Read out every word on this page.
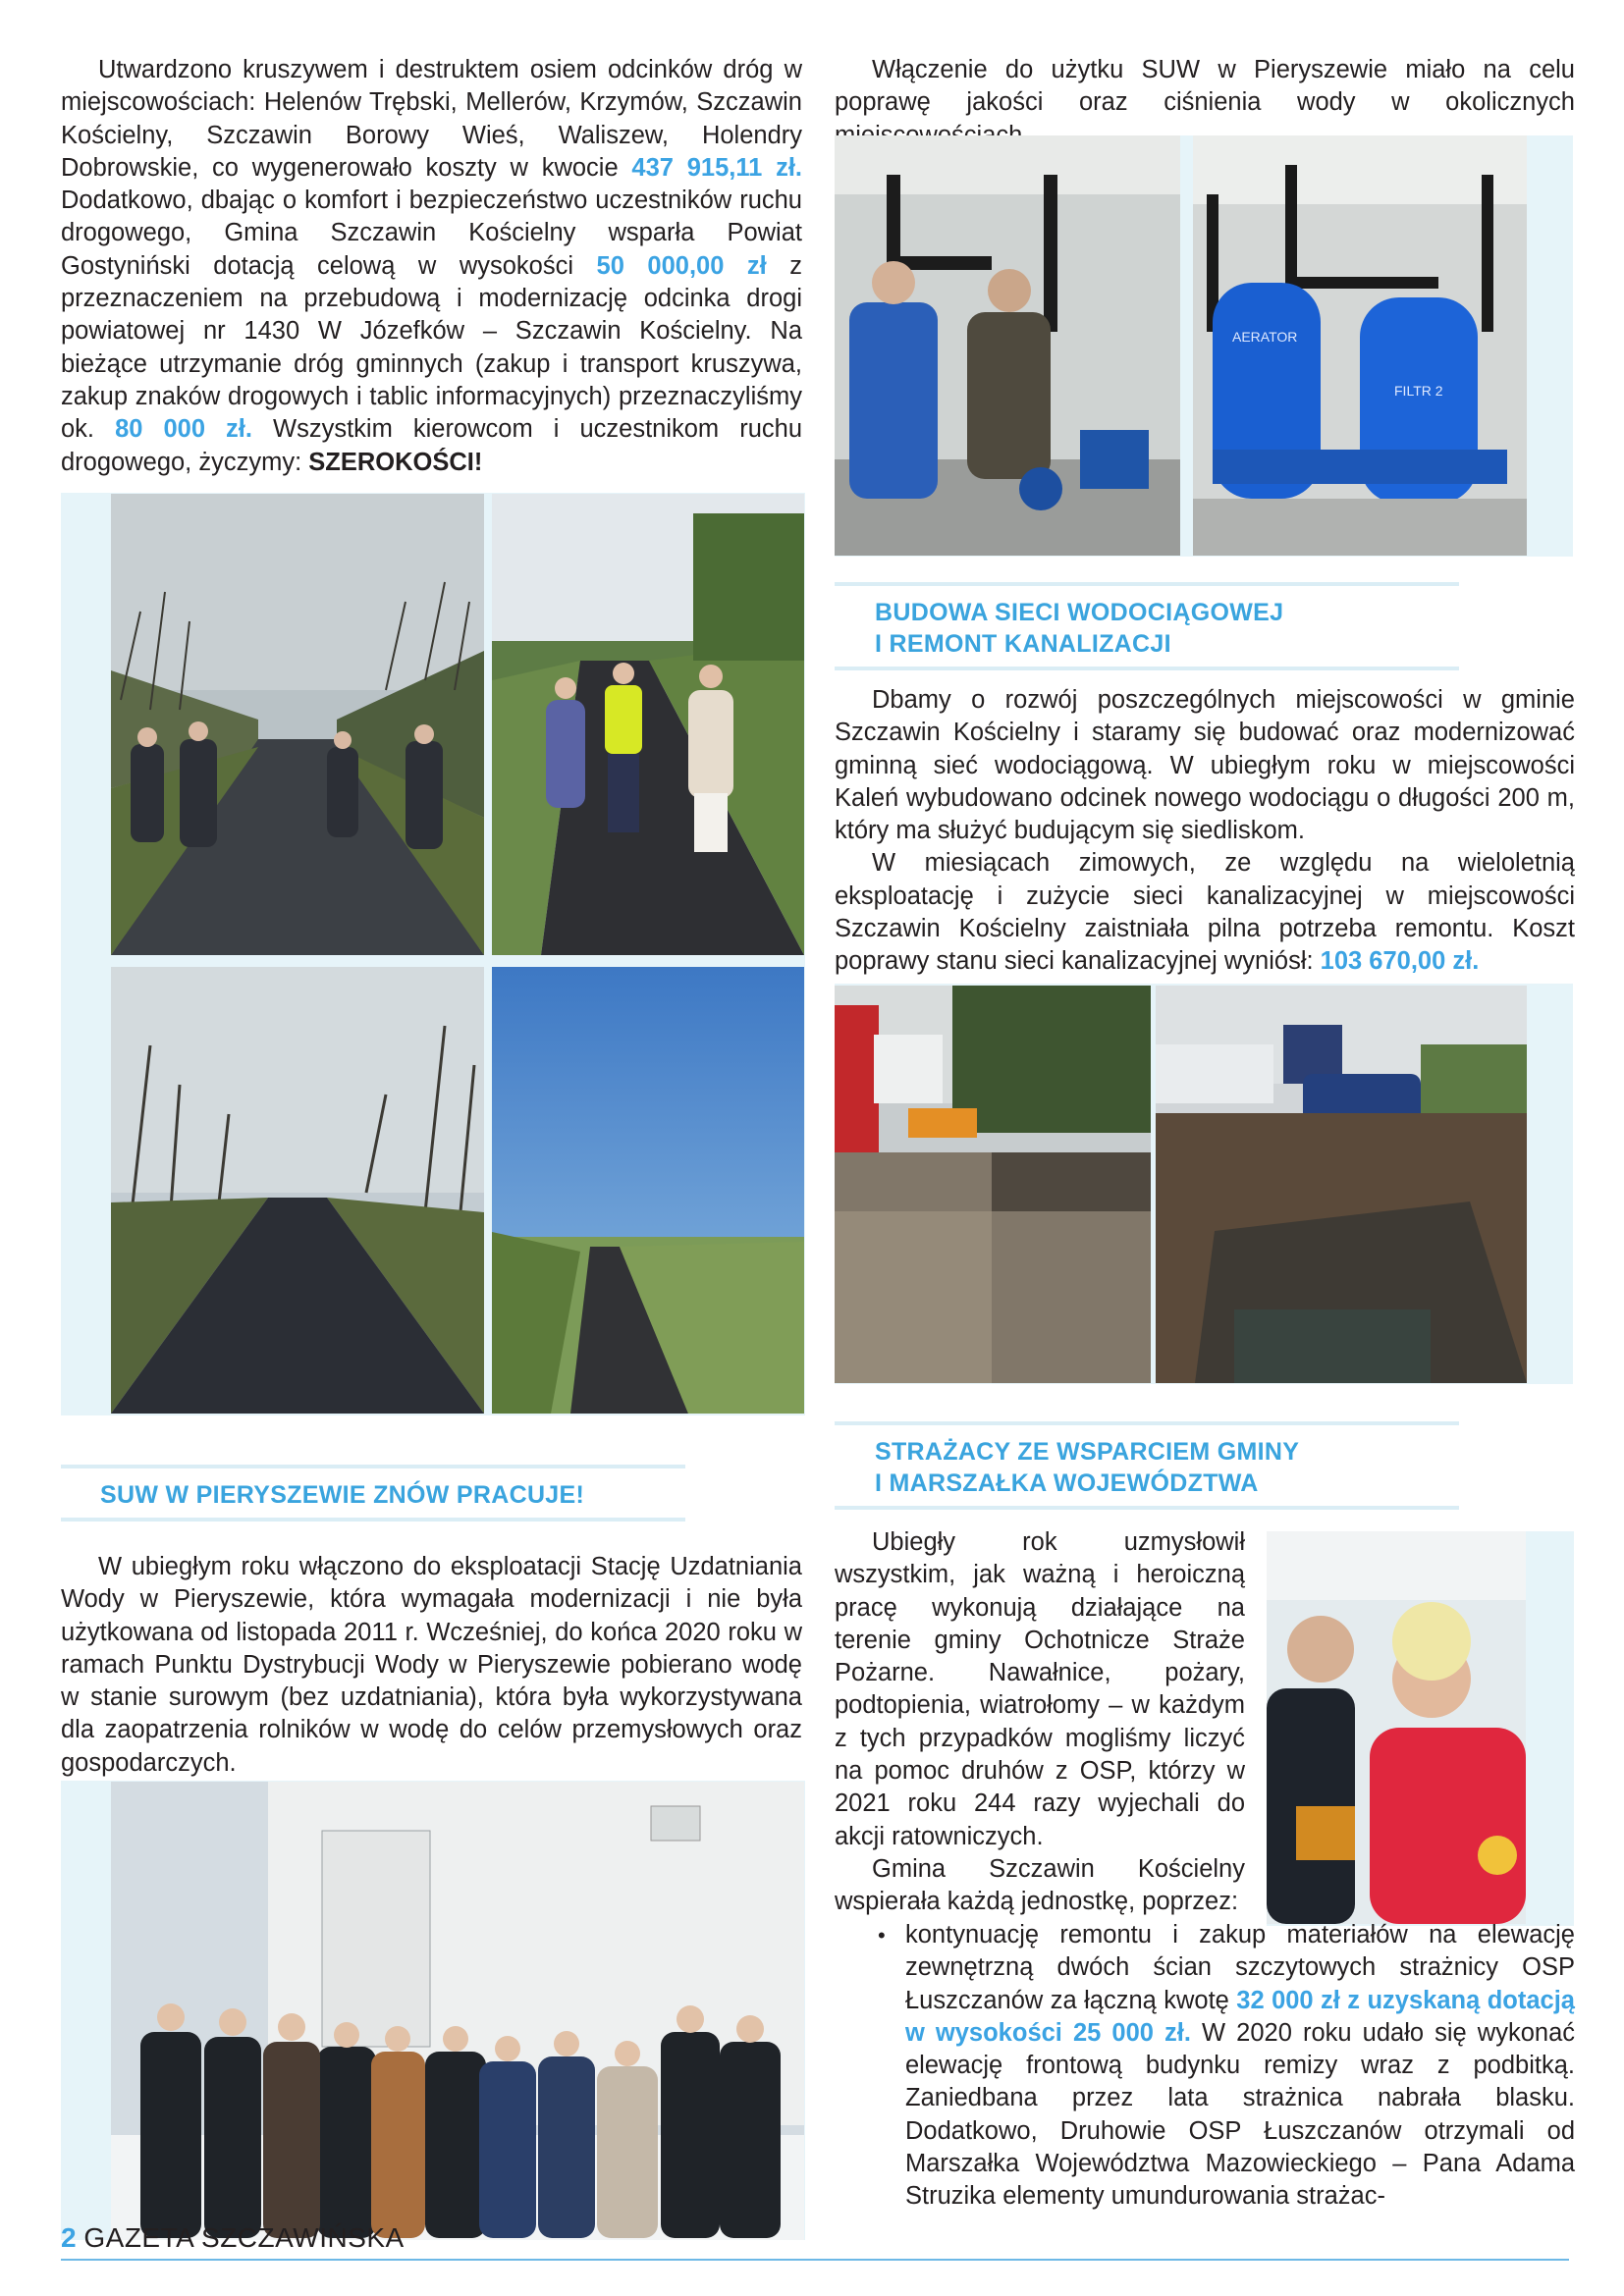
Utwardzono kruszywem i destruktem osiem odcinków dróg w miejscowościach: Helenów Trębski, Mellerów, Krzymów, Szczawin Kościelny, Szczawin Borowy Wieś, Waliszew, Holendry Dobrowskie, co wygenerowało koszty w kwocie 437 915,11 zł. Dodatkowo, dbając o komfort i bezpieczeństwo uczestników ruchu drogowego, Gmina Szczawin Kościelny wsparła Powiat Gostyniński dotacją celową w wysokości 50 000,00 zł z przeznaczeniem na przebudową i modernizację odcinka drogi powiatowej nr 1430 W Józefków – Szczawin Kościelny. Na bieżące utrzymanie dróg gminnych (zakup i transport kruszywa, zakup znaków drogowych i tablic informacyjnych) przeznaczyliśmy ok. 80 000 zł. Wszystkim kierowcom i uczestnikom ruchu drogowego, życzymy: SZEROKOŚCI!

SUW W PIERYSZEWIE ZNÓW PRACUJE!

W ubiegłym roku włączono do eksploatacji Stację Uzdatniania Wody w Pieryszewie, która wymagała modernizacji i nie była użytkowana od listopada 2011 r. Wcześniej, do końca 2020 roku w ramach Punktu Dystrybucji Wody w Pieryszewie pobierano wodę w stanie surowym (bez uzdatniania), która była wykorzystywana dla zaopatrzenia rolników w wodę do celów przemysłowych oraz gospodarczych.

Włączenie do użytku SUW w Pieryszewie miało na celu poprawę jakości oraz ciśnienia wody w okolicznych

AERATOR
FILTR 2
BUDOWA SIECI WODOCIĄGOWEJ
I REMONT KANALIZACJI

Dbamy o rozwój poszczególnych miejscowości w gminie Szczawin Kościelny i staramy się budować oraz modernizować gminną sieć wodociągową. W ubiegłym roku w miejscowości Kaleń wybudowano odcinek nowego wodociągu o długości 200 m, który ma służyć budującym się siedliskom.

W miesiącach zimowych, ze względu na wieloletnią eksploatację i zużycie sieci kanalizacyjnej w miejscowości Szczawin Kościelny zaistniała pilna potrzeba remontu. Koszt poprawy stanu sieci kanalizacyjnej wyniósł: 103 670,00 zł.

STRAŻACY ZE WSPARCIEM GMINY
I MARSZAŁKA WOJEWÓDZTWA

Ubiegły rok uzmysłowił wszystkim, jak ważną i heroiczną pracę wykonują działające na terenie gminy Ochotnicze Straże Pożarne. Nawałnice, pożary, podtopienia, wiatrołomy – w każdym z tych przypadków mogliśmy liczyć na pomoc druhów z OSP, którzy w 2021 roku 244 razy wyjechali do akcji ratowniczych.

Gmina Szczawin Kościelny wspierała każdą jednostkę, poprzez:

• kontynuację remontu i zakup materiałów na elewację zewnętrzną dwóch ścian szczytowych strażnicy OSP Łuszczanów za łączną kwotę 32 000 zł z uzyskaną dotacją w wysokości 25 000 zł. W 2020 roku udało się wykonać elewację frontową budynku remizy wraz z podbitką. Zaniedbana przez lata strażnica nabrała blasku. Dodatkowo, Druhowie OSP Łuszczanów otrzymali od Marszałka Województwa Mazowieckiego – Pana Adama Struzika elementy umundurowania strażac-
2 GAZETA SZCZAWIŃSKA
